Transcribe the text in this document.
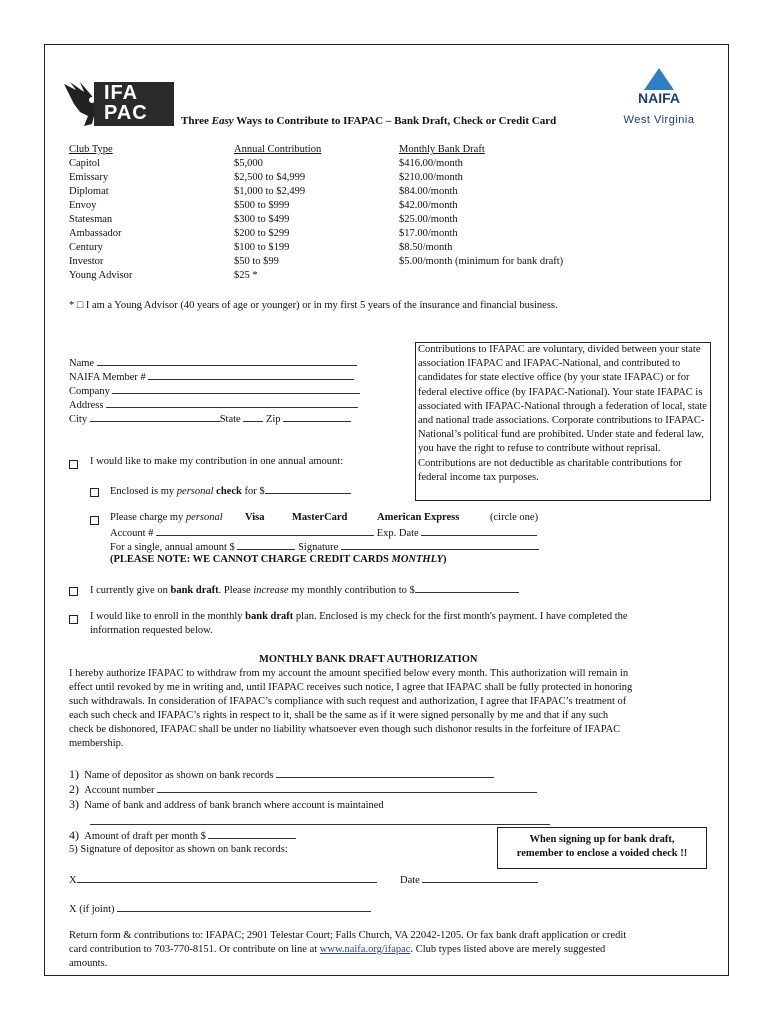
IFA PAC
NAIFA
West Virginia
Three Easy Ways to Contribute to IFAPAC – Bank Draft, Check or Credit Card
Club Type	Annual Contribution	Monthly Bank Draft
Capitol	$5,000	$416.00/month
Emissary	$2,500 to $4,999	$210.00/month
Diplomat	$1,000 to $2,499	$84.00/month
Envoy	$500 to $999	$42.00/month
Statesman	$300 to $499	$25.00/month
Ambassador	$200 to $299	$17.00/month
Century	$100 to $199	$8.50/month
Investor	$50 to $99	$5.00/month (minimum for bank draft)
Young Advisor	$25 *
* □ I am a Young Advisor (40 years of age or younger) or in my first 5 years of the insurance and financial business.
Contributions to IFAPAC are voluntary, divided between your state association IFAPAC and IFAPAC-National, and contributed to candidates for state elective office (by your state IFAPAC) or for federal elective office (by IFAPAC-National). Your state IFAPAC is associated with IFAPAC-National through a federation of local, state and national trade associations. Corporate contributions to IFAPAC-National’s political fund are prohibited. Under state and federal law, you have the right to refuse to contribute without reprisal. Contributions are not deductible as charitable contributions for federal income tax purposes.
Name
NAIFA Member #
Company
Address
City	State Zip
I would like to make my contribution in one annual amount:
Enclosed is my personal check for $
Please charge my personal Visa	MasterCard	American Express	(circle one)
Account #	Exp. Date
For a single, annual amount $	Signature
(PLEASE NOTE: WE CANNOT CHARGE CREDIT CARDS MONTHLY)
I currently give on bank draft. Please increase my monthly contribution to $
I would like to enroll in the monthly bank draft plan. Enclosed is my check for the first month's payment. I have completed the
information requested below.
MONTHLY BANK DRAFT AUTHORIZATION
I hereby authorize IFAPAC to withdraw from my account the amount specified below every month. This authorization will remain in
effect until revoked by me in writing and, until IFAPAC receives such notice, I agree that IFAPAC shall be fully protected in honoring
such withdrawals. In consideration of IFAPAC’s compliance with such request and authorization, I agree that IFAPAC’s treatment of
each such check and IFAPAC’s rights in respect to it, shall be the same as if it were signed personally by me and that if any such
check be dishonored, IFAPAC shall be under no liability whatsoever even though such dishonor results in the forfeiture of IFAPAC
membership.
1) Name of depositor as shown on bank records
2) Account number
3) Name of bank and address of bank branch where account is maintained
4) Amount of draft per month $
5) Signature of depositor as shown on bank records:
When signing up for bank draft,
remember to enclose a voided check !!
X	Date
X (if joint)
Return form & contributions to: IFAPAC; 2901 Telestar Court; Falls Church, VA 22042-1205. Or fax bank draft application or credit
card contribution to 703-770-8151. Or contribute on line at www.naifa.org/ifapac. Club types listed above are merely suggested
amounts.
